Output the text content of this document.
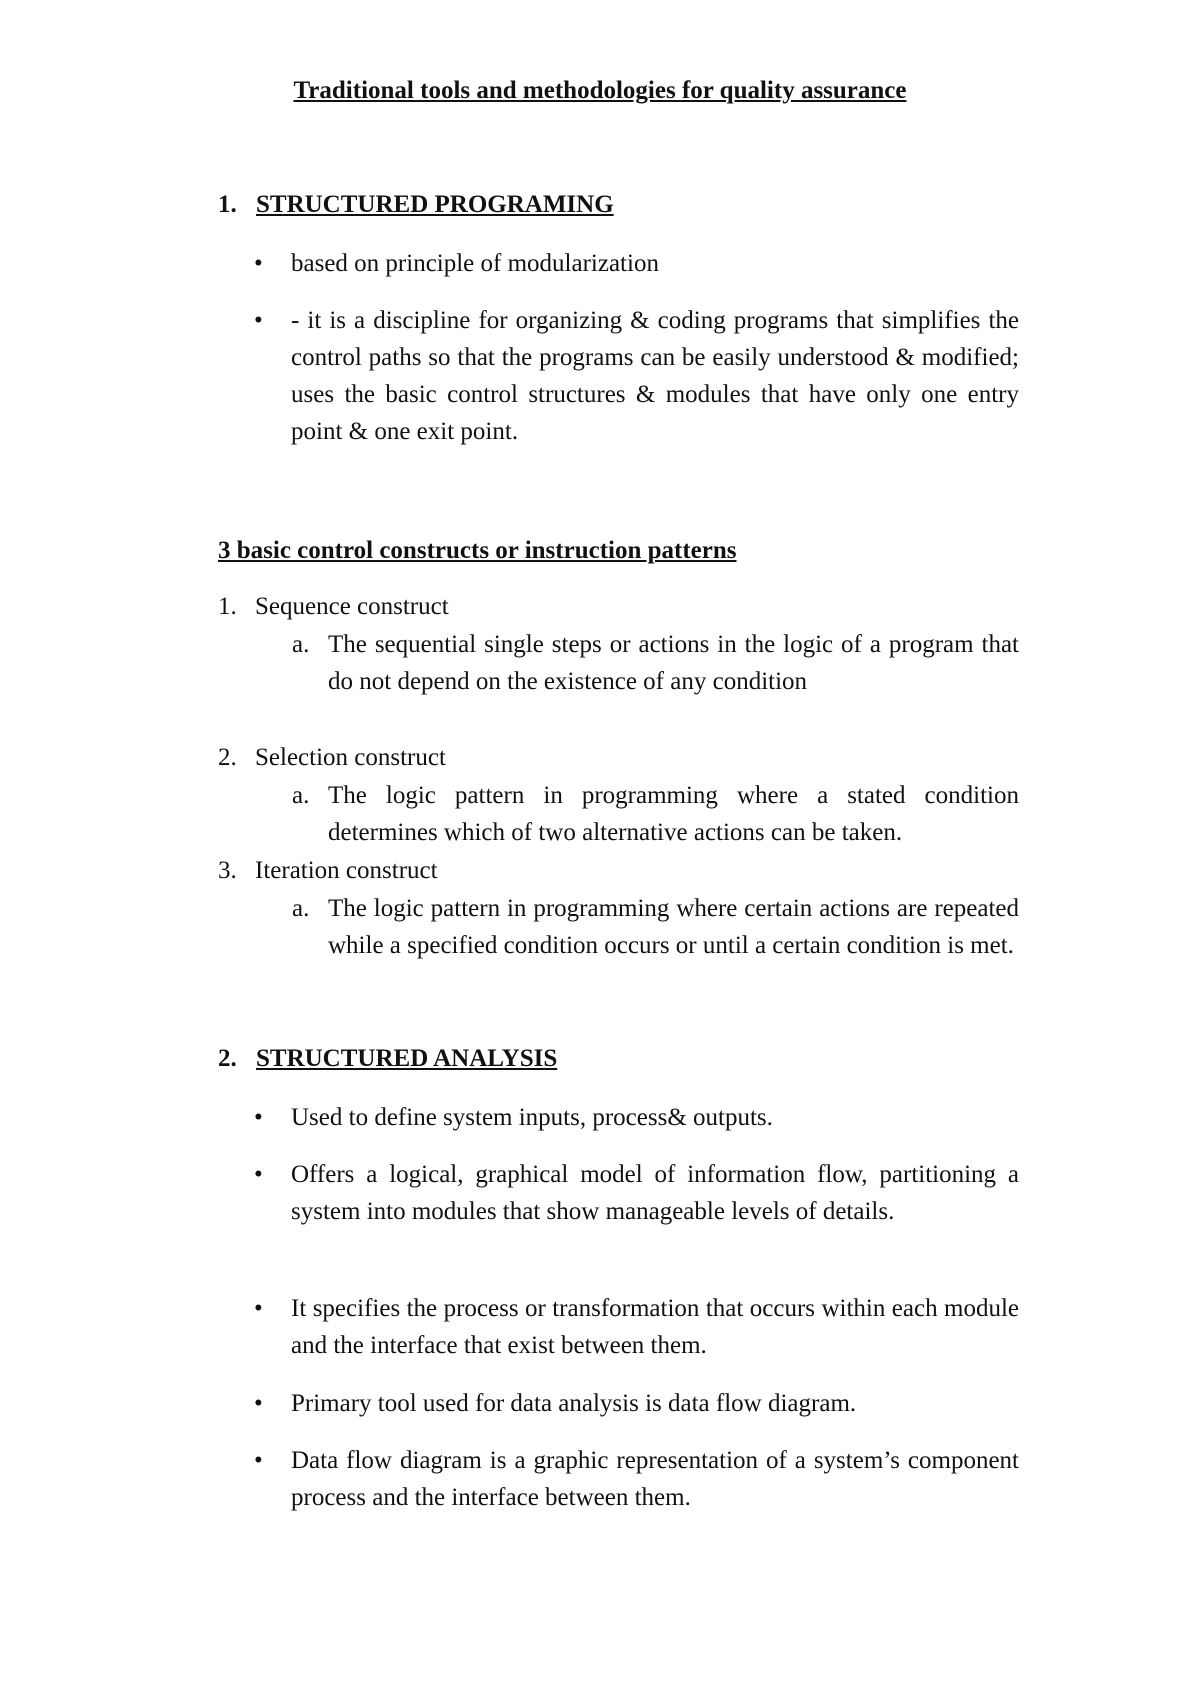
Traditional tools and methodologies for quality assurance
1. STRUCTURED PROGRAMING
• based on principle of modularization
• - it is a discipline for organizing & coding programs that simplifies the control paths so that the programs can be easily understood & modified; uses the basic control structures & modules that have only one entry point & one exit point.
3 basic control constructs or instruction patterns
1. Sequence construct
a. The sequential single steps or actions in the logic of a program that do not depend on the existence of any condition
2. Selection construct
a. The logic pattern in programming where a stated condition determines which of two alternative actions can be taken.
3. Iteration construct
a. The logic pattern in programming where certain actions are repeated while a specified condition occurs or until a certain condition is met.
2. STRUCTURED ANALYSIS
• Used to define system inputs, process& outputs.
• Offers a logical, graphical model of information flow, partitioning a system into modules that show manageable levels of details.
• It specifies the process or transformation that occurs within each module and the interface that exist between them.
• Primary tool used for data analysis is data flow diagram.
• Data flow diagram is a graphic representation of a system’s component process and the interface between them.
